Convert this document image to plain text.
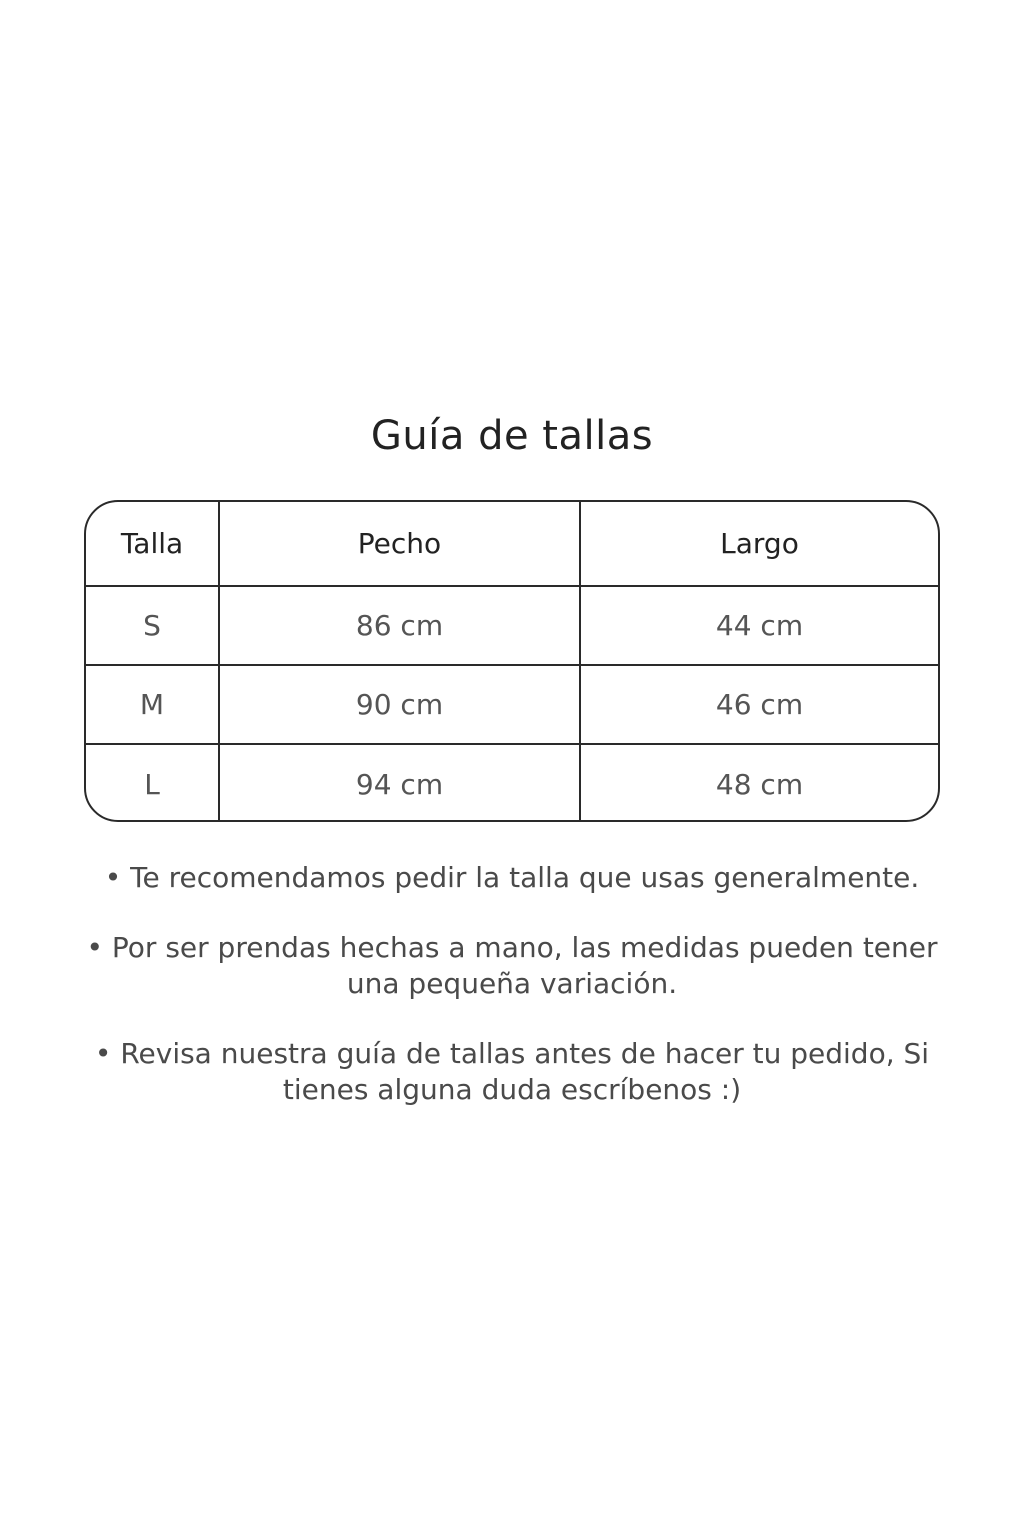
Guía de tallas
Talla	Pecho	Largo
S	86 cm	44 cm
M	90 cm	46 cm
L	94 cm	48 cm

• Te recomendamos pedir la talla que usas generalmente.

• Por ser prendas hechas a mano, las medidas pueden tener una pequeña variación.

• Revisa nuestra guía de tallas antes de hacer tu pedido, Si tienes alguna duda escríbenos :)
